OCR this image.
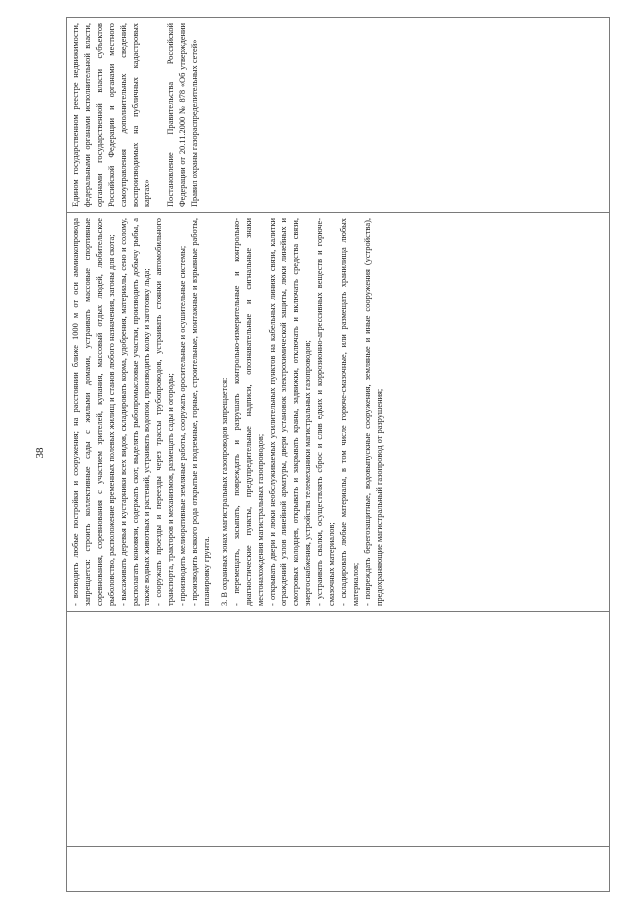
38
			- возводить любые постройки и сооружения; на расстоянии ближе 1000 м от оси аммиакопровода запрещается: строить коллективные сады с жилыми домами, устраивать массовые спортивные соревнования, соревнования с участием зрителей, купания, массовый отдых людей, любительское рыболовство, расположение временных полевых жилищ и станов любого назначения, загоны для скота; - высаживать деревья и кустарники всех видов, складировать корма, удобрения, материалы, сено и солому, располагать коновязи, содержать скот, выделять рыбопромысловые участки, производить добычу рыбы, а также водных животных и растений, устраивать водопои, производить колку и заготовку льда; - сооружать проезды и переезды через трассы трубопроводов, устраивать стоянки автомобильного транспорта, тракторов и механизмов, размещать сады и огороды; - производить мелиоративные земляные работы, сооружать оросительные и осушительные системы; - производить всякого рода открытые и подземные, горные, строительные, монтажные и взрывные работы, планировку грунта. 3. В охранных зонах магистральных газопроводов запрещается: - перемещать, засыпать, повреждать и разрушать контрольно-измерительные и контрольно-диагностические пункты, предупредительные надписи, опознавательные и сигнальные знаки местонахождения магистральных газопроводов; - открывать двери и люки необслуживаемых усилительных пунктов на кабельных линиях связи, калитки ограждений узлов линейной арматуры, двери установок электрохимической защиты, люки линейных и смотровых колодцев, открывать и закрывать краны, задвижки, отключать и включать средства связи, энергоснабжения, устройства телемеханики магистральных газопроводов; - устраивать свалки, осуществлять сброс и слив едких и коррозионно-агрессивных веществ и горюче-смазочных материалов; - складировать любые материалы, в том числе горюче-смазочные, или размещать хранилища любых материалов; - повреждать берегозащитные, водовыпускные сооружения, земляные и иные сооружения (устройства), предохраняющие магистральный газопровод от разрушения;

Едином государственном реестре недвижимости, федеральными органами исполнительной власти, органами государственной власти субъектов Российской Федерации и органами местного самоуправления дополнительных сведений, воспроизводимых на публичных кадастровых картах» Постановление Правительства Российской Федерации от 20.11.2000 № 878 «Об утверждении Правил охраны газораспределительных сетей»
